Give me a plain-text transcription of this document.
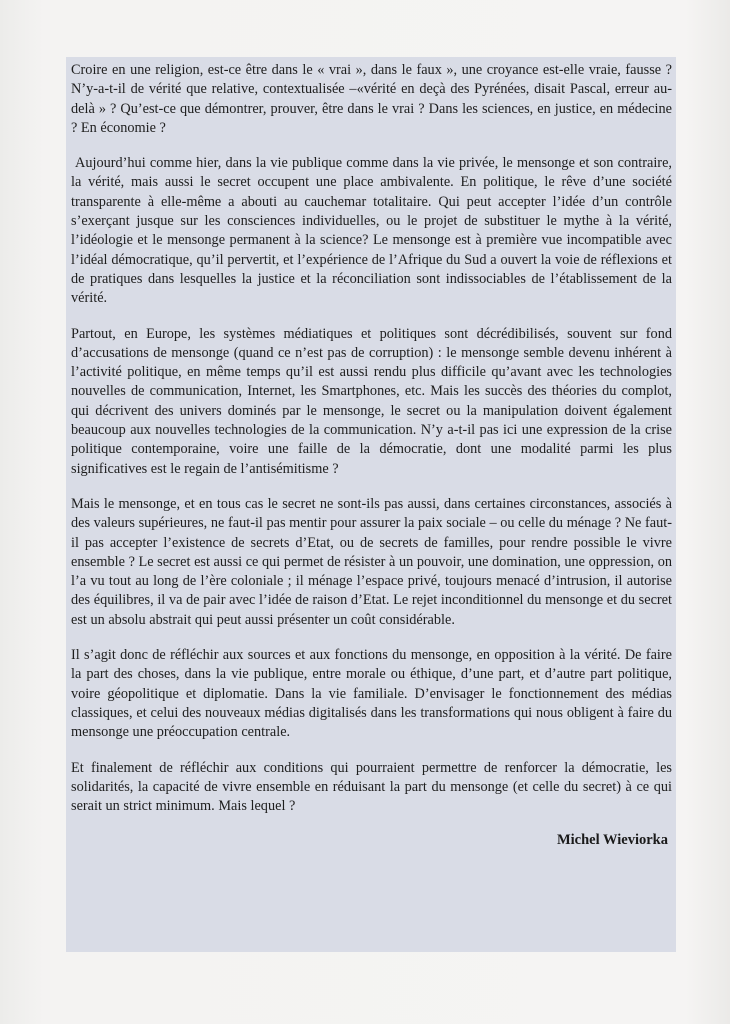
Croire en une religion, est-ce être dans le « vrai », dans le faux », une croyance est-elle vraie, fausse ? N’y-a-t-il de vérité que relative, contextualisée –«vérité en deçà des Pyrénées, disait Pascal, erreur au-delà » ? Qu’est-ce que démontrer, prouver, être dans le vrai ? Dans les sciences, en justice, en médecine ? En économie ?

Aujourd’hui comme hier, dans la vie publique comme dans la vie privée, le mensonge et son contraire, la vérité, mais aussi le secret occupent une place ambivalente. En politique, le rêve d’une société transparente à elle-même a abouti au cauchemar totalitaire. Qui peut accepter l’idée d’un contrôle s’exerçant jusque sur les consciences individuelles, ou le projet de substituer le mythe à la vérité, l’idéologie et le mensonge permanent à la science? Le mensonge est à première vue incompatible avec l’idéal démocratique, qu’il pervertit, et l’expérience de l’Afrique du Sud a ouvert la voie de réflexions et de pratiques dans lesquelles la justice et la réconciliation sont indissociables de l’établissement de la vérité.

Partout, en Europe, les systèmes médiatiques et politiques sont décrédibilisés, souvent sur fond d’accusations de mensonge (quand ce n’est pas de corruption) : le mensonge semble devenu inhérent à l’activité politique, en même temps qu’il est aussi rendu plus difficile qu’avant avec les technologies nouvelles de communication, Internet, les Smartphones, etc. Mais les succès des théories du complot, qui décrivent des univers dominés par le mensonge, le secret ou la manipulation doivent également beaucoup aux nouvelles technologies de la communication. N’y a-t-il pas ici une expression de la crise politique contemporaine, voire une faille de la démocratie, dont une modalité parmi les plus significatives est le regain de l’antisémitisme ?

Mais le mensonge, et en tous cas le secret ne sont-ils pas aussi, dans certaines circonstances, associés à des valeurs supérieures, ne faut-il pas mentir pour assurer la paix sociale – ou celle du ménage ? Ne faut-il pas accepter l’existence de secrets d’Etat, ou de secrets de familles, pour rendre possible le vivre ensemble ? Le secret est aussi ce qui permet de résister à un pouvoir, une domination, une oppression, on l’a vu tout au long de l’ère coloniale ; il ménage l’espace privé, toujours menacé d’intrusion, il autorise des équilibres, il va de pair avec l’idée de raison d’Etat. Le rejet inconditionnel du mensonge et du secret est un absolu abstrait qui peut aussi présenter un coût considérable.

Il s’agit donc de réfléchir aux sources et aux fonctions du mensonge, en opposition à la vérité. De faire la part des choses, dans la vie publique, entre morale ou éthique, d’une part, et d’autre part politique, voire géopolitique et diplomatie. Dans la vie familiale. D’envisager le fonctionnement des médias classiques, et celui des nouveaux médias digitalisés dans les transformations qui nous obligent à faire du mensonge une préoccupation centrale.

Et finalement de réfléchir aux conditions qui pourraient permettre de renforcer la démocratie, les solidarités, la capacité de vivre ensemble en réduisant la part du mensonge (et celle du secret) à ce qui serait un strict minimum. Mais lequel ?

Michel Wieviorka
